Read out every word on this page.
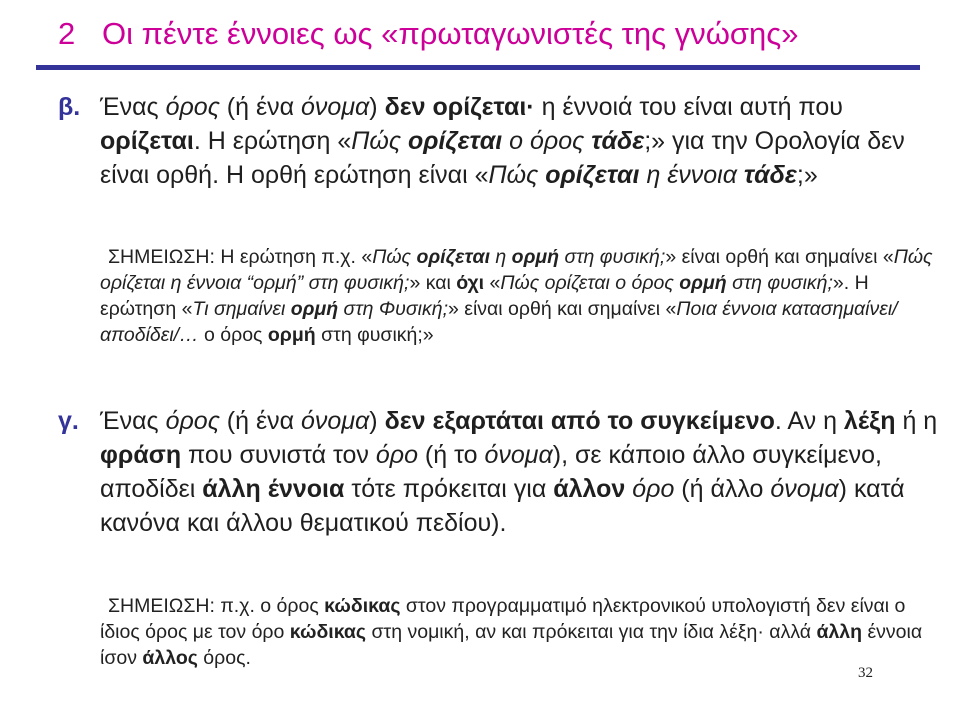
2 Οι πέντε έννοιες ως «πρωταγωνιστές της γνώσης»
β. Ένας όρος (ή ένα όνομα) δεν ορίζεται· η έννοιά του είναι αυτή που ορίζεται. Η ερώτηση «Πώς ορίζεται ο όρος τάδε;» για την Ορολογία δεν είναι ορθή. Η ορθή ερώτηση είναι «Πώς ορίζεται η έννοια τάδε;»
ΣΗΜΕΙΩΣΗ: Η ερώτηση π.χ. «Πώς ορίζεται η ορμή στη φυσική;» είναι ορθή και σημαίνει «Πώς ορίζεται η έννοια “ορμή” στη φυσική;» και όχι «Πώς ορίζεται ο όρος ορμή στη φυσική;». Η ερώτηση «Τι σημαίνει ορμή στη Φυσική;» είναι ορθή και σημαίνει «Ποια έννοια κατασημαίνει/αποδίδει/… ο όρος ορμή στη φυσική;»
γ. Ένας όρος (ή ένα όνομα) δεν εξαρτάται από το συγκείμενο. Αν η λέξη ή η φράση που συνιστά τον όρο (ή το όνομα), σε κάποιο άλλο συγκείμενο, αποδίδει άλλη έννοια τότε πρόκειται για άλλον όρο (ή άλλο όνομα) κατά κανόνα και άλλου θεματικού πεδίου).
ΣΗΜΕΙΩΣΗ: π.χ. ο όρος κώδικας στον προγραμματιμό ηλεκτρονικού υπολογιστή δεν είναι ο ίδιος όρος με τον όρο κώδικας στη νομική, αν και πρόκειται για την ίδια λέξη· αλλά άλλη έννοια ίσον άλλος όρος.
32
